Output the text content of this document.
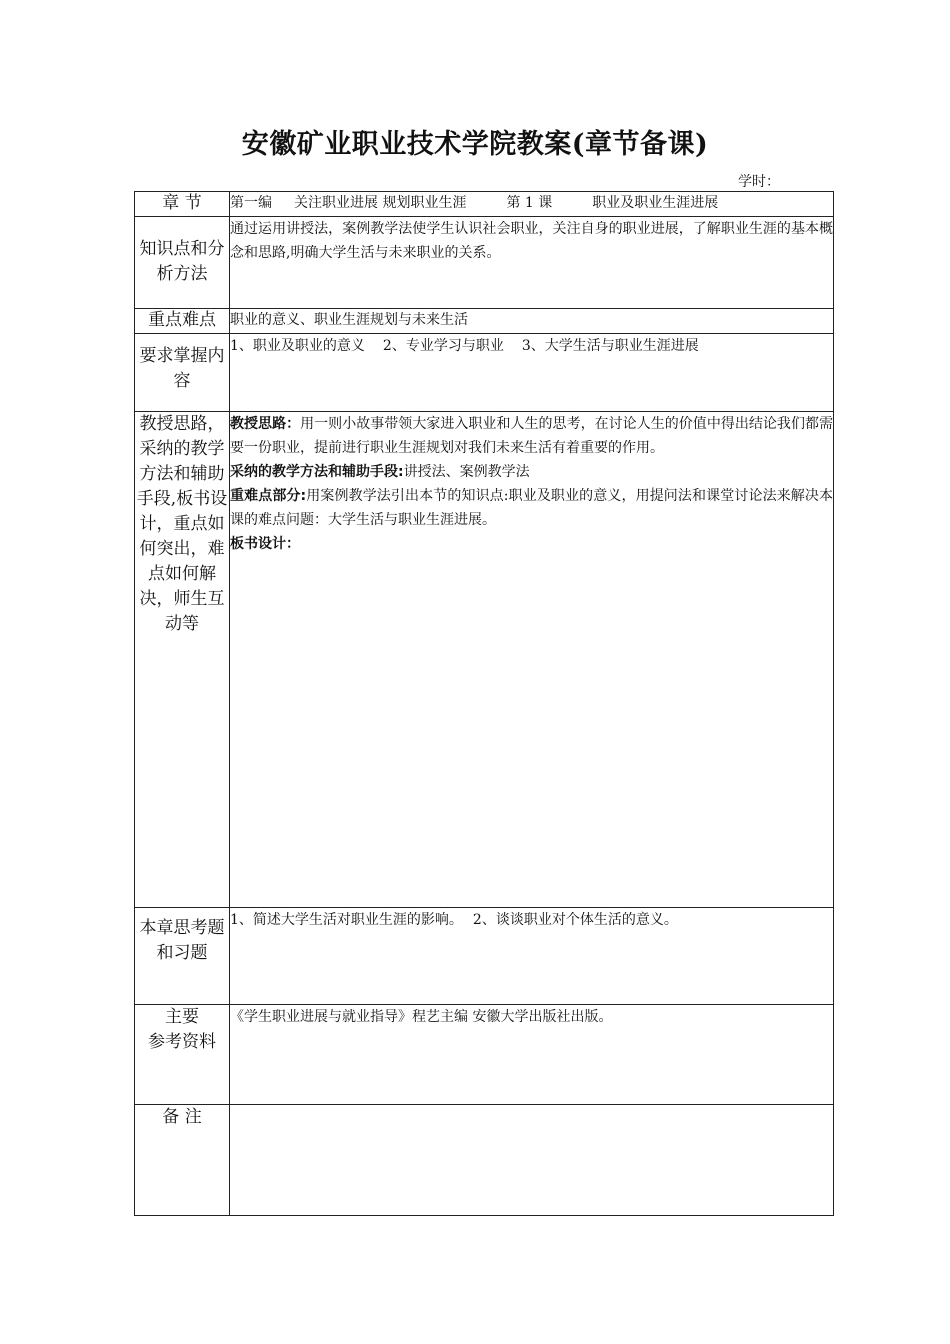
安徽矿业职业技术学院教案(章节备课)
学时：
章 节	第一编 关注职业进展 规划职业生涯 第 1 课 职业及职业生涯进展
知识点和分析方法	通过运用讲授法，案例教学法使学生认识社会职业，关注自身的职业进展，了解职业生涯的基本概念和思路,明确大学生活与未来职业的关系。
重点难点	职业的意义、职业生涯规划与未来生活
要求掌握内容	1、职业及职业的意义 2、专业学习与职业 3、大学生活与职业生涯进展
教授思路，采纳的教学方法和辅助手段,板书设计，重点如何突出，难点如何解决，师生互动等	教授思路：用一则小故事带领大家进入职业和人生的思考，在讨论人生的价值中得出结论我们都需要一份职业，提前进行职业生涯规划对我们未来生活有着重要的作用。
采纳的教学方法和辅助手段:讲授法、案例教学法
重难点部分:用案例教学法引出本节的知识点:职业及职业的意义，用提问法和课堂讨论法来解决本课的难点问题：大学生活与职业生涯进展。
板书设计：

本章思考题和习题	1、简述大学生活对职业生涯的影响。 2、谈谈职业对个体生活的意义。

主要
参考资料	《学生职业进展与就业指导》程艺主编 安徽大学出版社出版。
备 注	
